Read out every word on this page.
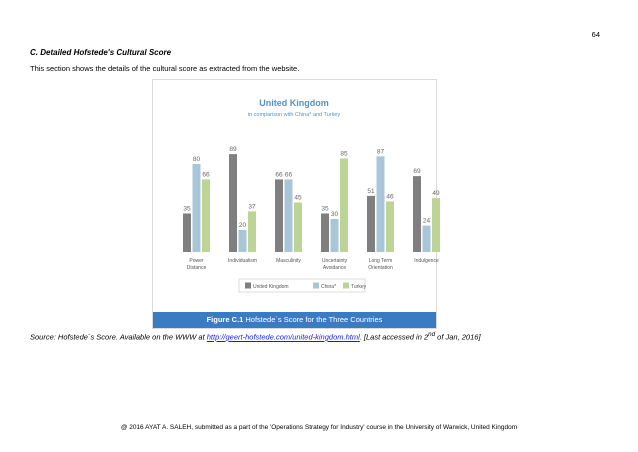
64

C. Detailed Hofstede's Cultural Score

This section shows the details of the cultural score as extracted from the website.

United Kingdom
in comparison with China* and Turkey
35
80
66
Power
Distance
89
20
37
Individualism
66 66
45
Masculinity
35
30
85
Uncertainty
Avoidance
51
87
46
Long Term
Orientation
69
24
49
Indulgence
United Kingdom	China*	Turkey
Figure C.1 Hofstede`s Score for the Three Countries

Source: Hofstede`s Score. Available on the WWW at http://geert-hofstede.com/united-kingdom.html. [Last accessed in 2nd of Jan, 2016]

@ 2016 AYAT A. SALEH, submitted as a part of the 'Operations Strategy for Industry' course in the University of Warwick, United Kingdom
